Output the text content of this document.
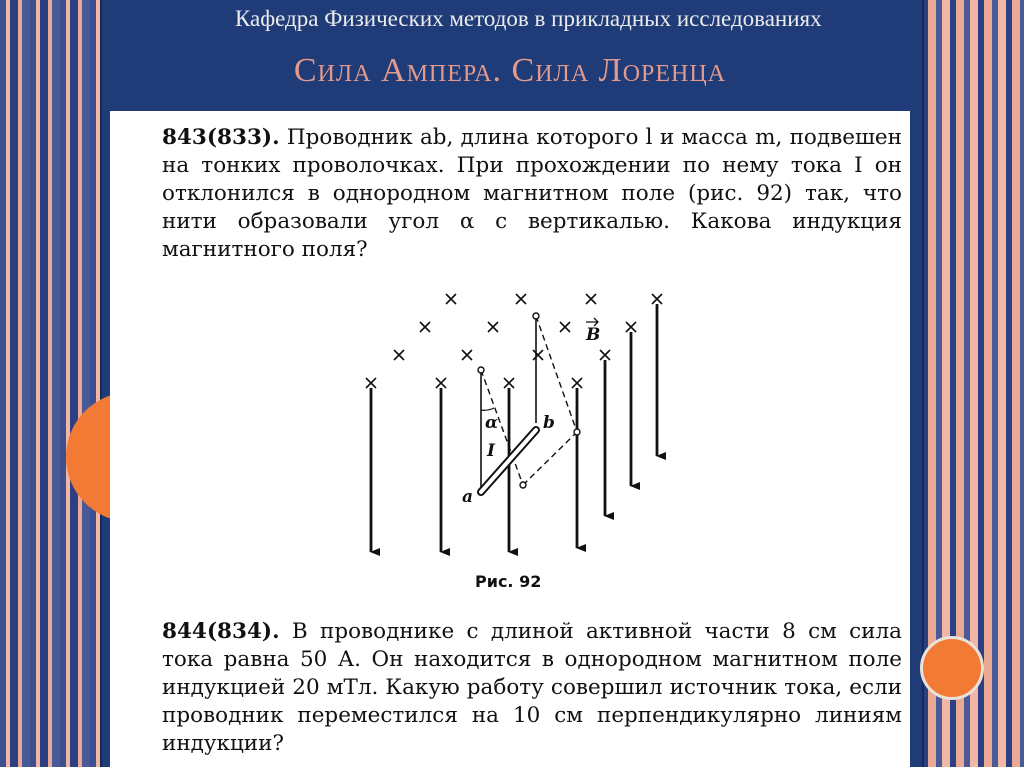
Кафедра Физических методов в прикладных исследованиях
Сила Ампера. Сила Лоренца
843(833). Проводник ab, длина которого l и масса m, подвешен на тонких проволочках. При прохождении по нему тока I он отклонился в однородном магнитном поле (рис. 92) так, что нити образовали угол α с вертикалью. Какова индукция магнитного поля?
B
α
I
a
b
Рис. 92
844(834). В проводнике с длиной активной части 8 см сила тока равна 50 А. Он находится в однородном магнитном поле индукцией 20 мТл. Какую работу совершил источник тока, если проводник переместился на 10 см перпендикулярно линиям индукции?
